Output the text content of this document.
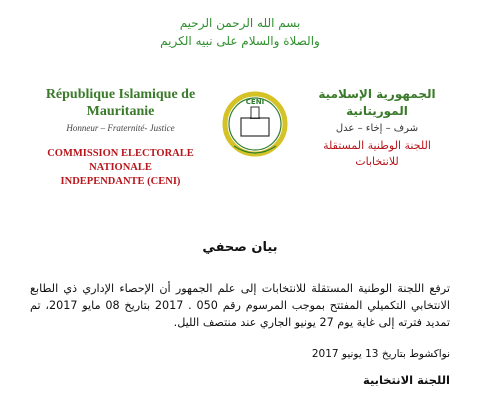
بسم الله الرحمن الرحيم
والصلاة والسلام على نبيه الكريم
République Islamique de
Mauritanie
Honneur – Fraternité- Justice
COMMISSION ELECTORALE NATIONALE
INDEPENDANTE (CENI)
CENI
الجمهورية الإسلامية الموريتانية
شرف – إخاء – عدل
اللجنة الوطنية المستقلة
للانتخابات
بيان صحفي

ترفع اللجنة الوطنية المستقلة للانتخابات إلى علم الجمهور أن الإحصاء الإداري ذي الطابع الانتخابي التكميلي المفتتح بموجب المرسوم رقم 050 . 2017 بتاريخ 08 مايو 2017، تم تمديد فترته إلى غاية يوم 27 يونيو الجاري عند منتصف الليل.

نواكشوط بتاريخ 13 يونيو 2017
اللجنة الانتخابية
